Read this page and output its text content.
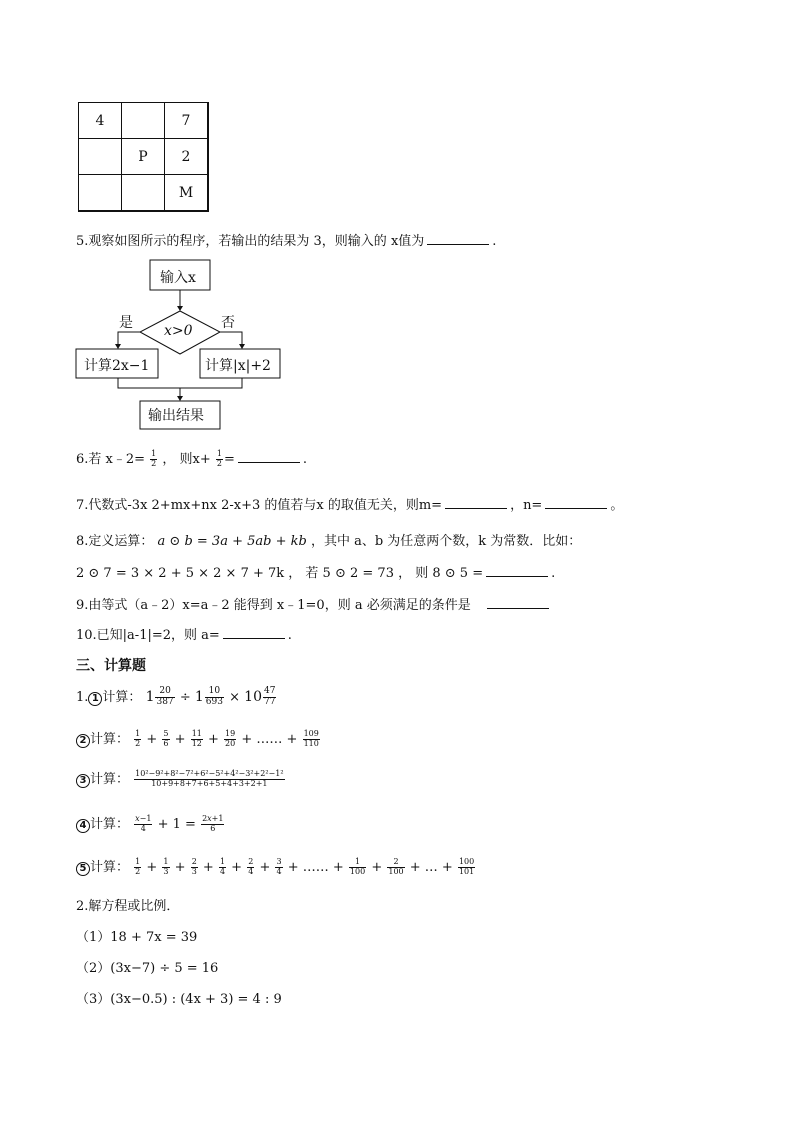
4		7
	P	2
		M
5.观察如图所示的程序，若输出的结果为 3，则输入的 x值为	.
输入x
x>0
是	否
计算2x−1	计算|x|+2
输出结果
6.若 x﹣2= $\frac{1}{2}$ ， 则$x+ \frac{1}{2}$ =	.
7.代数式-3x 2+mx+nx 2-x+3 的值若与x 的取值无关，则m=	，n=	。
8.定义运算： a ⊙ b = 3a + 5ab + kb ，其中 a、b 为任意两个数，k 为常数．比如：
2 ⊙ 7 = 3 × 2 + 5 × 2 × 7 + 7k ， 若 5 ⊙ 2 = 73 ， 则 8 ⊙ 5 =	.
9.由等式（a﹣2）x=a﹣2 能得到 x﹣1=0，则 a 必须满足的条件是
10.已知|a-1|=2，则 a=	.
三、计算题
1. 1 计算： $1 \frac{20}{387} \div 1 \frac{10}{693} \times 10 \frac{47}{77}$
2 计算： $\frac{1}{2} + \frac{5}{6} + \frac{11}{12} + \frac{19}{20}$ + …… + $\frac{109}{110}$
3 计算： $\frac{\text{10²−9²+8²−7²+6²−5²+4²−3²+2²−1²}}{10+9+8+7+6+5+4+3+2+1}$
4 计算： $\frac{x-1}{4} + 1 = \frac{2x+1}{6}$
5 计算： $\frac{1}{2} + \frac{1}{3} + \frac{2}{3} + \frac{1}{4} + \frac{2}{4} + \frac{3}{4}$ + …… + $\frac{1}{100} + \frac{2}{100}$ + … + $\frac{100}{101}$
2.解方程或比例．
（1）18 + 7x = 39
（2）(3x−7) ÷ 5 = 16
（3）(3x−0.5) : (4x + 3) = 4 : 9
